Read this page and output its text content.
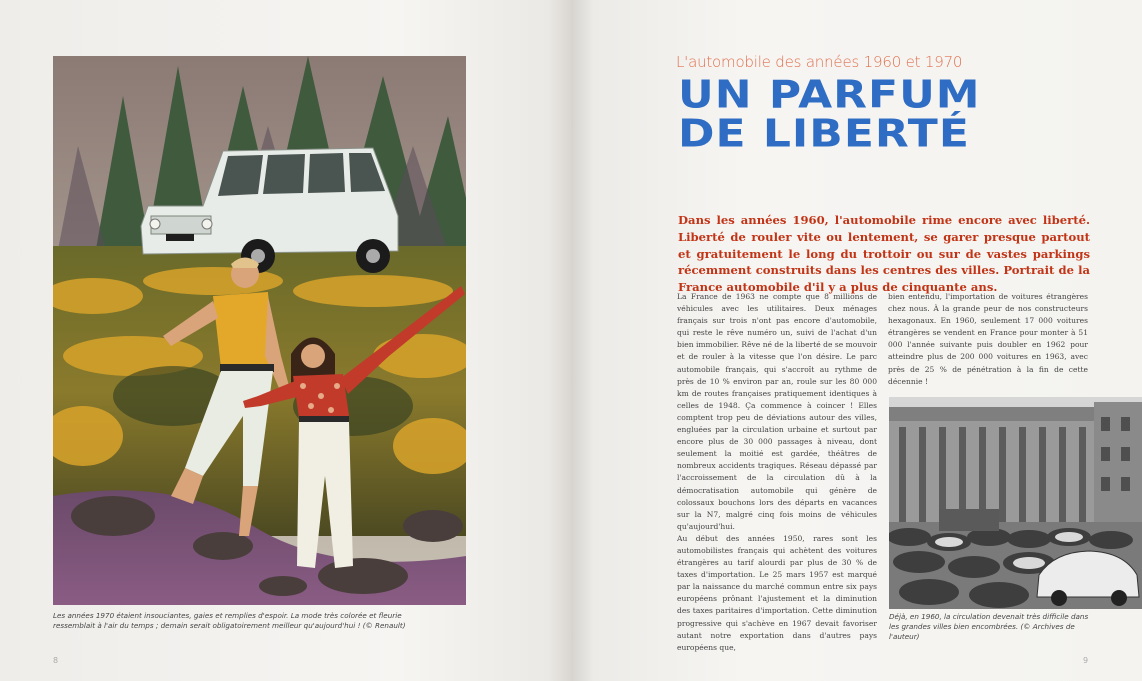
Les années 1970 étaient insouciantes, gaies et remplies d'espoir. La mode très colorée et fleurie ressemblait à l'air du temps ; demain serait obligatoirement meilleur qu'aujourd'hui ! (© Renault)
8
L'automobile des années 1960 et 1970
UN PARFUM
DE LIBERTÉ
Dans les années 1960, l'automobile rime encore avec liberté. Liberté de rouler vite ou lentement, se garer presque partout et gratuitement le long du trottoir ou sur de vastes parkings récemment construits dans les centres des villes. Portrait de la France automobile d'il y a plus de cinquante ans.

La France de 1963 ne compte que 8 millions de véhicules avec les utilitaires. Deux ménages français sur trois n'ont pas encore d'automobile, qui reste le rêve numéro un, suivi de l'achat d'un bien immobilier. Rêve né de la liberté de se mouvoir et de rouler à la vitesse que l'on désire. Le parc automobile français, qui s'accroît au rythme de près de 10 % environ par an, roule sur les 80 000 km de routes françaises pratiquement identiques à celles de 1948. Ça commence à coincer ! Elles comptent trop peu de déviations autour des villes, engluées par la circulation urbaine et surtout par encore plus de 30 000 passages à niveau, dont seulement la moitié est gardée, théâtres de nombreux accidents tragiques. Réseau dépassé par l'accroissement de la circulation dû à la démocratisation automobile qui génère de colossaux bouchons lors des départs en vacances sur la N7, malgré cinq fois moins de véhicules qu'aujourd'hui.

Au début des années 1950, rares sont les automobilistes français qui achètent des voitures étrangères au tarif alourdi par plus de 30 % de taxes d'importation. Le 25 mars 1957 est marqué par la naissance du marché commun entre six pays européens prônant l'ajustement et la diminution des taxes paritaires d'importation. Cette diminution progressive qui s'achève en 1967 devait favoriser autant notre exportation dans d'autres pays européens que,

bien entendu, l'importation de voitures étrangères chez nous. À la grande peur de nos constructeurs hexagonaux. En 1960, seulement 17 000 voitures étrangères se vendent en France pour monter à 51 000 l'année suivante puis doubler en 1962 pour atteindre plus de 200 000 voitures en 1963, avec près de 25 % de pénétration à la fin de cette décennie !

Déjà, en 1960, la circulation devenait très difficile dans les grandes villes bien encombrées. (© Archives de l'auteur)
9
